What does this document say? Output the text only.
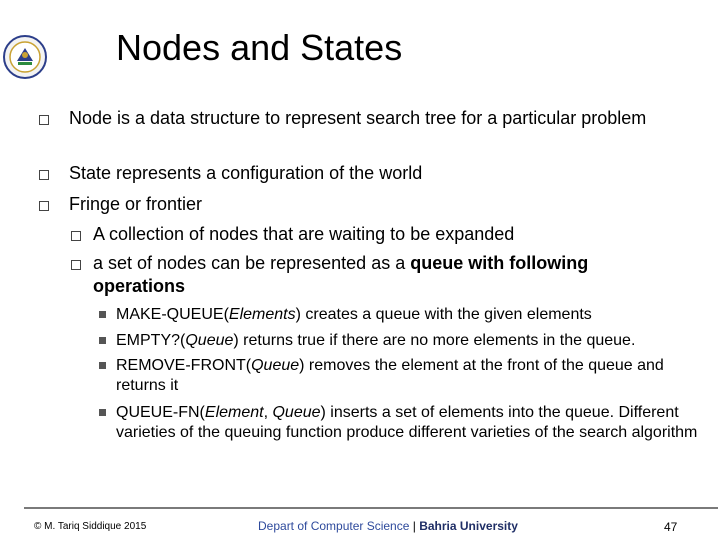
Nodes and States
Node is a data structure to represent search tree for a particular problem
State represents a configuration of the world
Fringe or frontier
A collection of nodes that are waiting to be expanded
a set of nodes can be represented as a queue with following operations
MAKE-QUEUE(Elements) creates a queue with the given elements
EMPTY?(Queue) returns true if there are no more elements in the queue.
REMOVE-FRONT(Queue) removes the element at the front of the queue and returns it
QUEUE-FN(Element, Queue) inserts a set of elements into the queue. Different varieties of the queuing function produce different varieties of the search algorithm
© M. Tariq Siddique 2015	Depart of Computer Science | Bahria University	47
